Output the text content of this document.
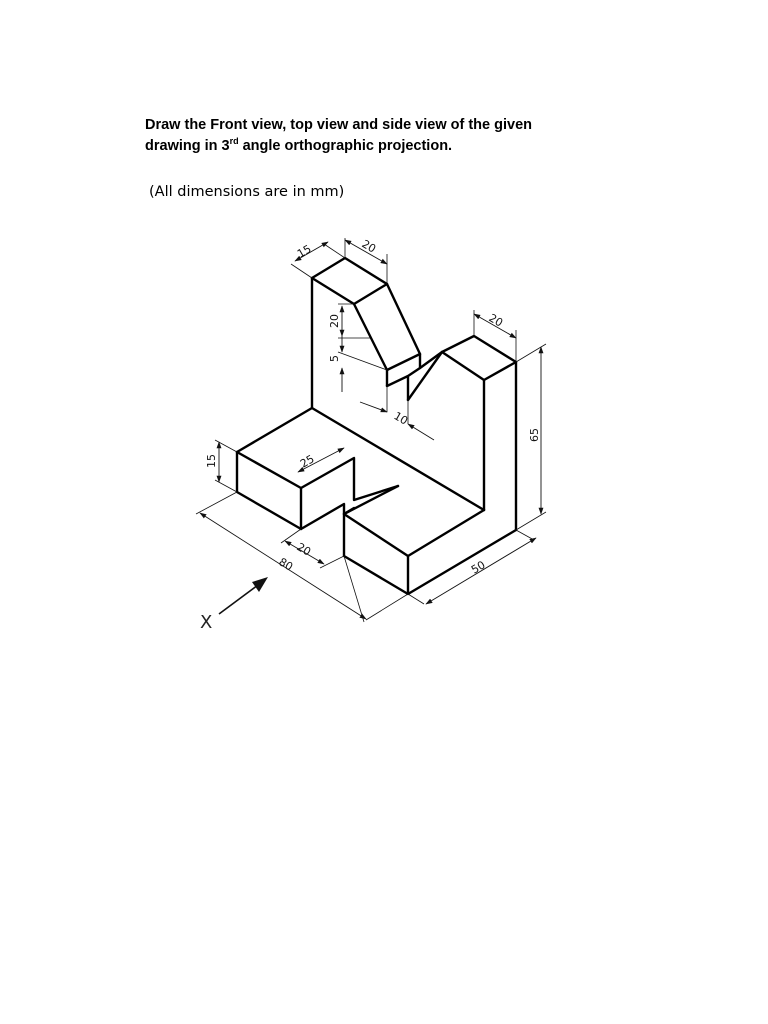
Draw the Front view, top view and side view of the given
drawing in 3rd angle orthographic projection.

(All dimensions are in mm)

15	20
20
5
10
20
65
15	25
20
80	50
X
